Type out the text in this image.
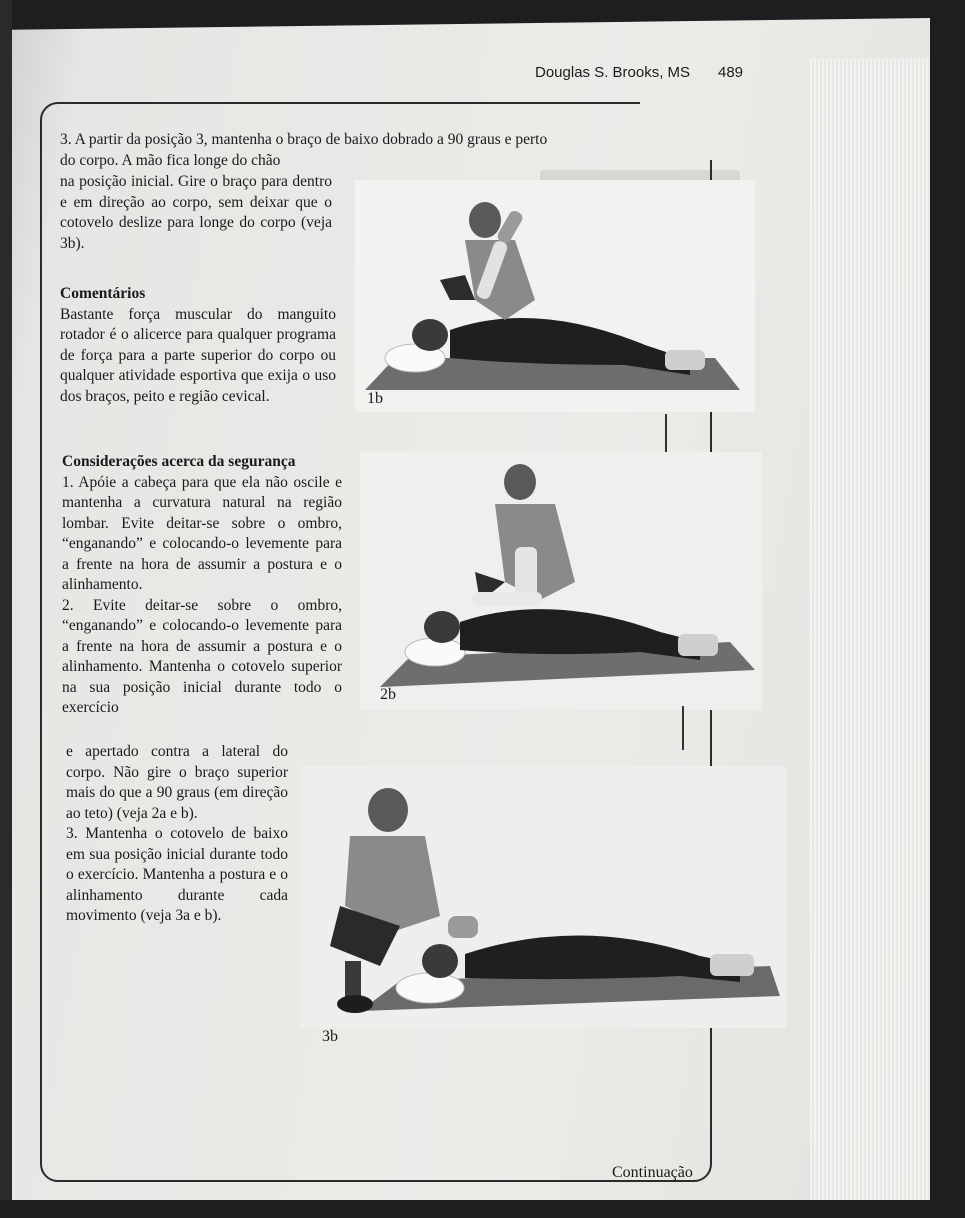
Douglas S. Brooks, MS 489
3. A partir da posição 3, mantenha o braço de baixo dobrado a 90 graus e perto
do corpo. A mão fica longe do chão

na posição inicial. Gire o braço para dentro e em direção ao corpo, sem deixar que o cotovelo deslize para longe do corpo (veja 3b).

Comentários

Bastante força muscular do manguito rotador é o alicerce para qualquer programa de força para a parte superior do corpo ou qualquer atividade esportiva que exija o uso dos braços, peito e região cevical.

Considerações acerca da segurança

1. Apóie a cabeça para que ela não oscile e mantenha a curvatura natural na região lombar. Evite deitar-se sobre o ombro, “enganando” e colocando-o levemente para a frente na hora de assumir a postura e o alinhamento.

2. Evite deitar-se sobre o ombro, “enganando” e colocando-o levemente para a frente na hora de assumir a postura e o alinhamento. Mantenha o cotovelo superior na sua posição inicial durante todo o exercício

e apertado contra a lateral do corpo. Não gire o braço superior mais do que a 90 graus (em direção ao teto) (veja 2a e b).

3. Mantenha o cotovelo de baixo em sua posição inicial durante todo o exercício. Mantenha a postura e o alinhamento durante cada movimento (veja 3a e b).

1b
2b
3b
Continuação
